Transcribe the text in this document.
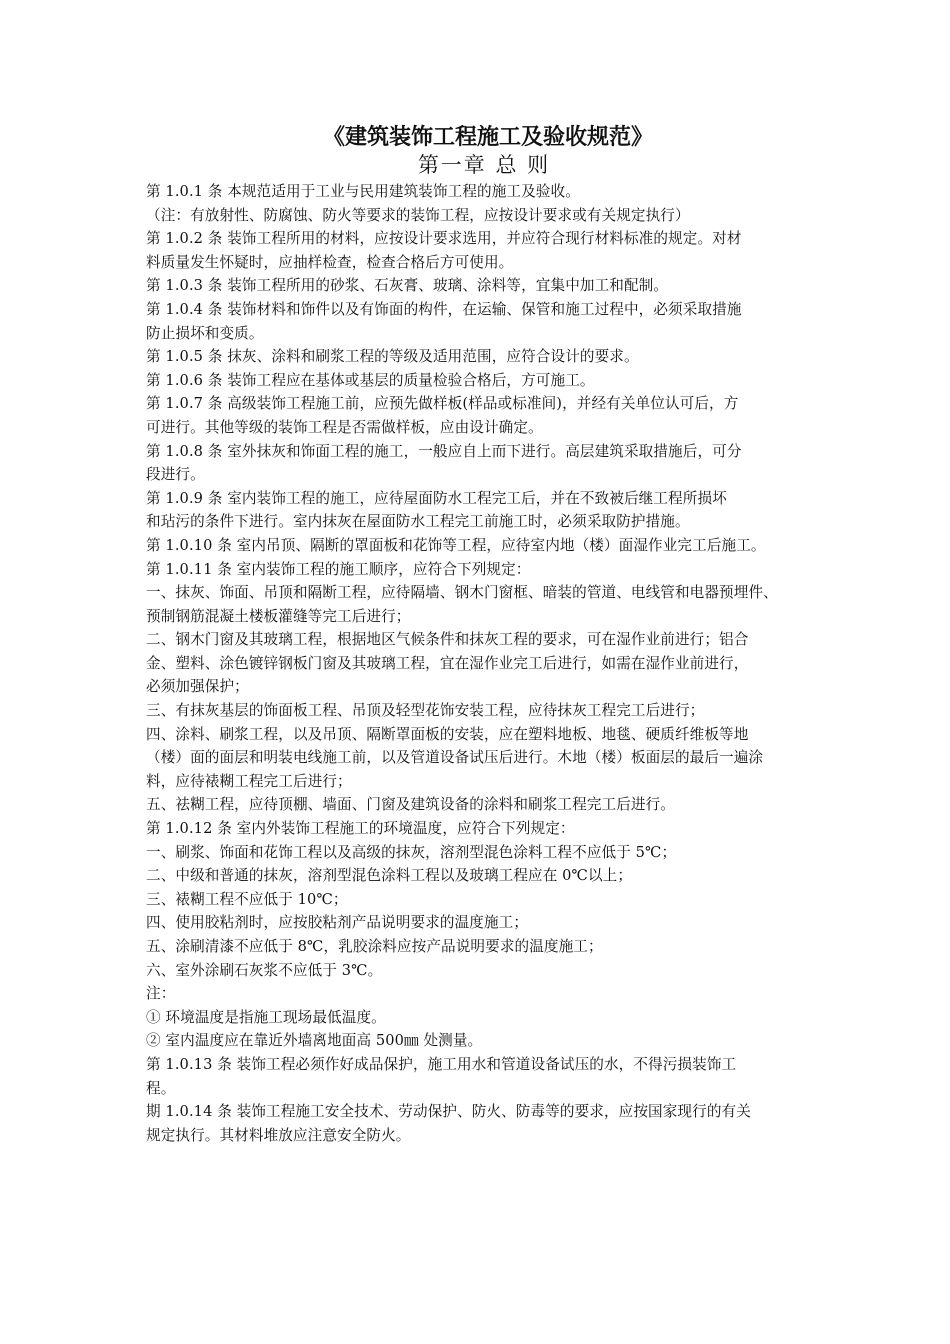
《建筑装饰工程施工及验收规范》
第一章 总 则

第 1.0.1 条 本规范适用于工业与民用建筑装饰工程的施工及验收。

（注：有放射性、防腐蚀、防火等要求的装饰工程，应按设计要求或有关规定执行）

第 1.0.2 条 装饰工程所用的材料，应按设计要求选用，并应符合现行材料标准的规定。对材

料质量发生怀疑时，应抽样检查，检查合格后方可使用。

第 1.0.3 条 装饰工程所用的砂浆、石灰膏、玻璃、涂料等，宜集中加工和配制。

第 1.0.4 条 装饰材料和饰件以及有饰面的构件，在运输、保管和施工过程中，必须采取措施

防止损坏和变质。

第 1.0.5 条 抹灰、涂料和刷浆工程的等级及适用范围，应符合设计的要求。

第 1.0.6 条 装饰工程应在基体或基层的质量检验合格后，方可施工。

第 1.0.7 条 高级装饰工程施工前，应预先做样板(样品或标准间)，并经有关单位认可后，方

可进行。其他等级的装饰工程是否需做样板，应由设计确定。

第 1.0.8 条 室外抹灰和饰面工程的施工，一般应自上而下进行。高层建筑采取措施后，可分

段进行。

第 1.0.9 条 室内装饰工程的施工，应待屋面防水工程完工后，并在不致被后继工程所损坏

和玷污的条件下进行。室内抹灰在屋面防水工程完工前施工时，必须采取防护措施。

第 1.0.10 条 室内吊顶、隔断的罩面板和花饰等工程，应待室内地（楼）面湿作业完工后施工。

第 1.0.11 条 室内装饰工程的施工顺序，应符合下列规定：

一、抹灰、饰面、吊顶和隔断工程，应待隔墙、钢木门窗框、暗装的管道、电线管和电器预埋件、

预制钢筋混凝土楼板灌缝等完工后进行；

二、钢木门窗及其玻璃工程，根据地区气候条件和抹灰工程的要求，可在湿作业前进行；铝合

金、塑料、涂色镀锌钢板门窗及其玻璃工程，宜在湿作业完工后进行，如需在湿作业前进行，

必须加强保护；

三、有抹灰基层的饰面板工程、吊顶及轻型花饰安装工程，应待抹灰工程完工后进行；

四、涂料、刷浆工程，以及吊顶、隔断罩面板的安装，应在塑料地板、地毯、硬质纤维板等地

（楼）面的面层和明装电线施工前，以及管道设备试压后进行。木地（楼）板面层的最后一遍涂

料，应待裱糊工程完工后进行；

五、祛糊工程，应待顶棚、墙面、门窗及建筑设备的涂料和刷浆工程完工后进行。

第 1.0.12 条 室内外装饰工程施工的环境温度，应符合下列规定：

一、刷浆、饰面和花饰工程以及高级的抹灰，溶剂型混色涂料工程不应低于 5℃；

二、中级和普通的抹灰，溶剂型混色涂料工程以及玻璃工程应在 0℃以上；

三、裱糊工程不应低于 10℃；

四、使用胶粘剂时，应按胶粘剂产品说明要求的温度施工；

五、涂刷清漆不应低于 8℃，乳胶涂料应按产品说明要求的温度施工；

六、室外涂刷石灰浆不应低于 3℃。

注：

① 环境温度是指施工现场最低温度。

② 室内温度应在靠近外墙离地面高 500㎜ 处测量。

第 1.0.13 条 装饰工程必须作好成品保护，施工用水和管道设备试压的水，不得污损装饰工

程。

期 1.0.14 条 装饰工程施工安全技术、劳动保护、防火、防毒等的要求，应按国家现行的有关

规定执行。其材料堆放应注意安全防火。
